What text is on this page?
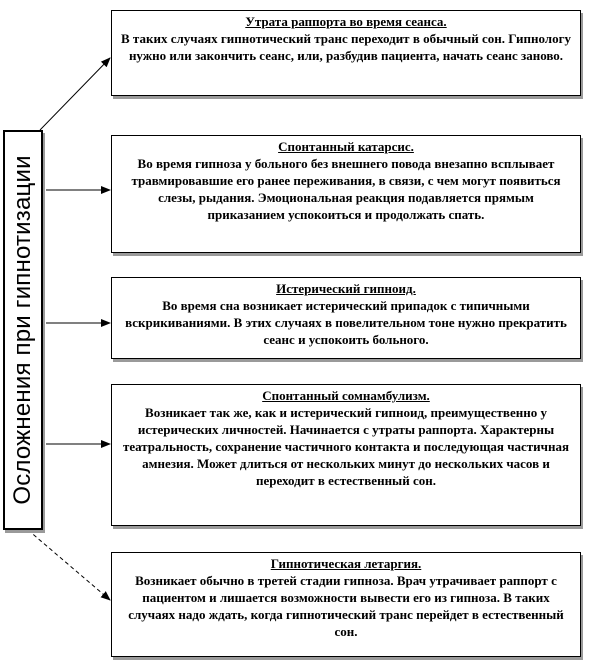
Осложнения при гипнотизации
Утрата раппорта во время сеанса.
В таких случаях гипнотический транс переходит в обычный сон. Гипнологу нужно или закончить сеанс, или, разбудив пациента, начать сеанс заново.
Спонтанный катарсис.
Во время гипноза у больного без внешнего повода внезапно всплывает травмировавшие его ранее переживания, в связи, с чем могут появиться слезы, рыдания. Эмоциональная реакция подавляется прямым приказанием успокоиться и продолжать спать.
Истерический гипноид.
Во время сна возникает истерический припадок с типичными вскрикиваниями. В этих случаях в повелительном тоне нужно прекратить сеанс и успокоить больного.
Спонтанный сомнамбулизм.
Возникает так же, как и истерический гипноид, преимущественно у истерических личностей. Начинается с утраты раппорта. Характерны театральность, сохранение частичного контакта и последующая частичная амнезия. Может длиться от нескольких минут до нескольких часов и переходит в естественный сон.
Гипнотическая летаргия.
Возникает обычно в третей стадии гипноза. Врач утрачивает раппорт с пациентом и лишается возможности вывести его из гипноза. В таких случаях надо ждать, когда гипнотический транс перейдет в естественный сон.
